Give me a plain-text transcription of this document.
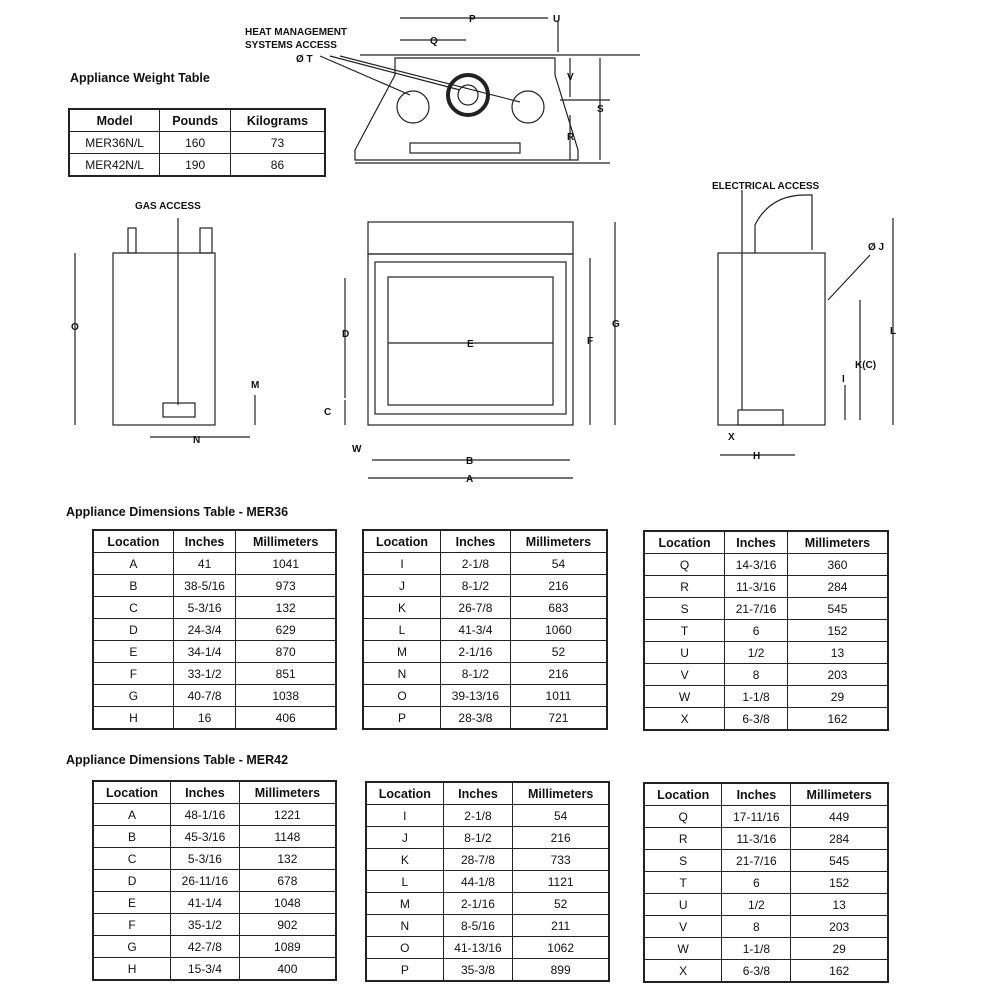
HEAT MANAGEMENT
SYSTEMS ACCESS
Ø T
P
Q
U
V
S
R
GAS ACCESS
O
M
N
D
E
C
W
B
A
F
G
ELECTRICAL ACCESS
Ø J
K(C)
L
I
X
H
Appliance Weight Table
Model	Pounds	Kilograms
MER36N/L	160	73
MER42N/L	190	86
Appliance Dimensions Table - MER36
Location	Inches	Millimeters
A	41	1041
B	38-5/16	973
C	5-3/16	132
D	24-3/4	629
E	34-1/4	870
F	33-1/2	851
G	40-7/8	1038
H	16	406
Location	Inches	Millimeters
I	2-1/8	54
J	8-1/2	216
K	26-7/8	683
L	41-3/4	1060
M	2-1/16	52
N	8-1/2	216
O	39-13/16	1011
P	28-3/8	721
Location	Inches	Millimeters
Q	14-3/16	360
R	11-3/16	284
S	21-7/16	545
T	6	152
U	1/2	13
V	8	203
W	1-1/8	29
X	6-3/8	162
Appliance Dimensions Table - MER42
Location	Inches	Millimeters
A	48-1/16	1221
B	45-3/16	1148
C	5-3/16	132
D	26-11/16	678
E	41-1/4	1048
F	35-1/2	902
G	42-7/8	1089
H	15-3/4	400
Location	Inches	Millimeters
I	2-1/8	54
J	8-1/2	216
K	28-7/8	733
L	44-1/8	1121
M	2-1/16	52
N	8-5/16	211
O	41-13/16	1062
P	35-3/8	899
Location	Inches	Millimeters
Q	17-11/16	449
R	11-3/16	284
S	21-7/16	545
T	6	152
U	1/2	13
V	8	203
W	1-1/8	29
X	6-3/8	162
